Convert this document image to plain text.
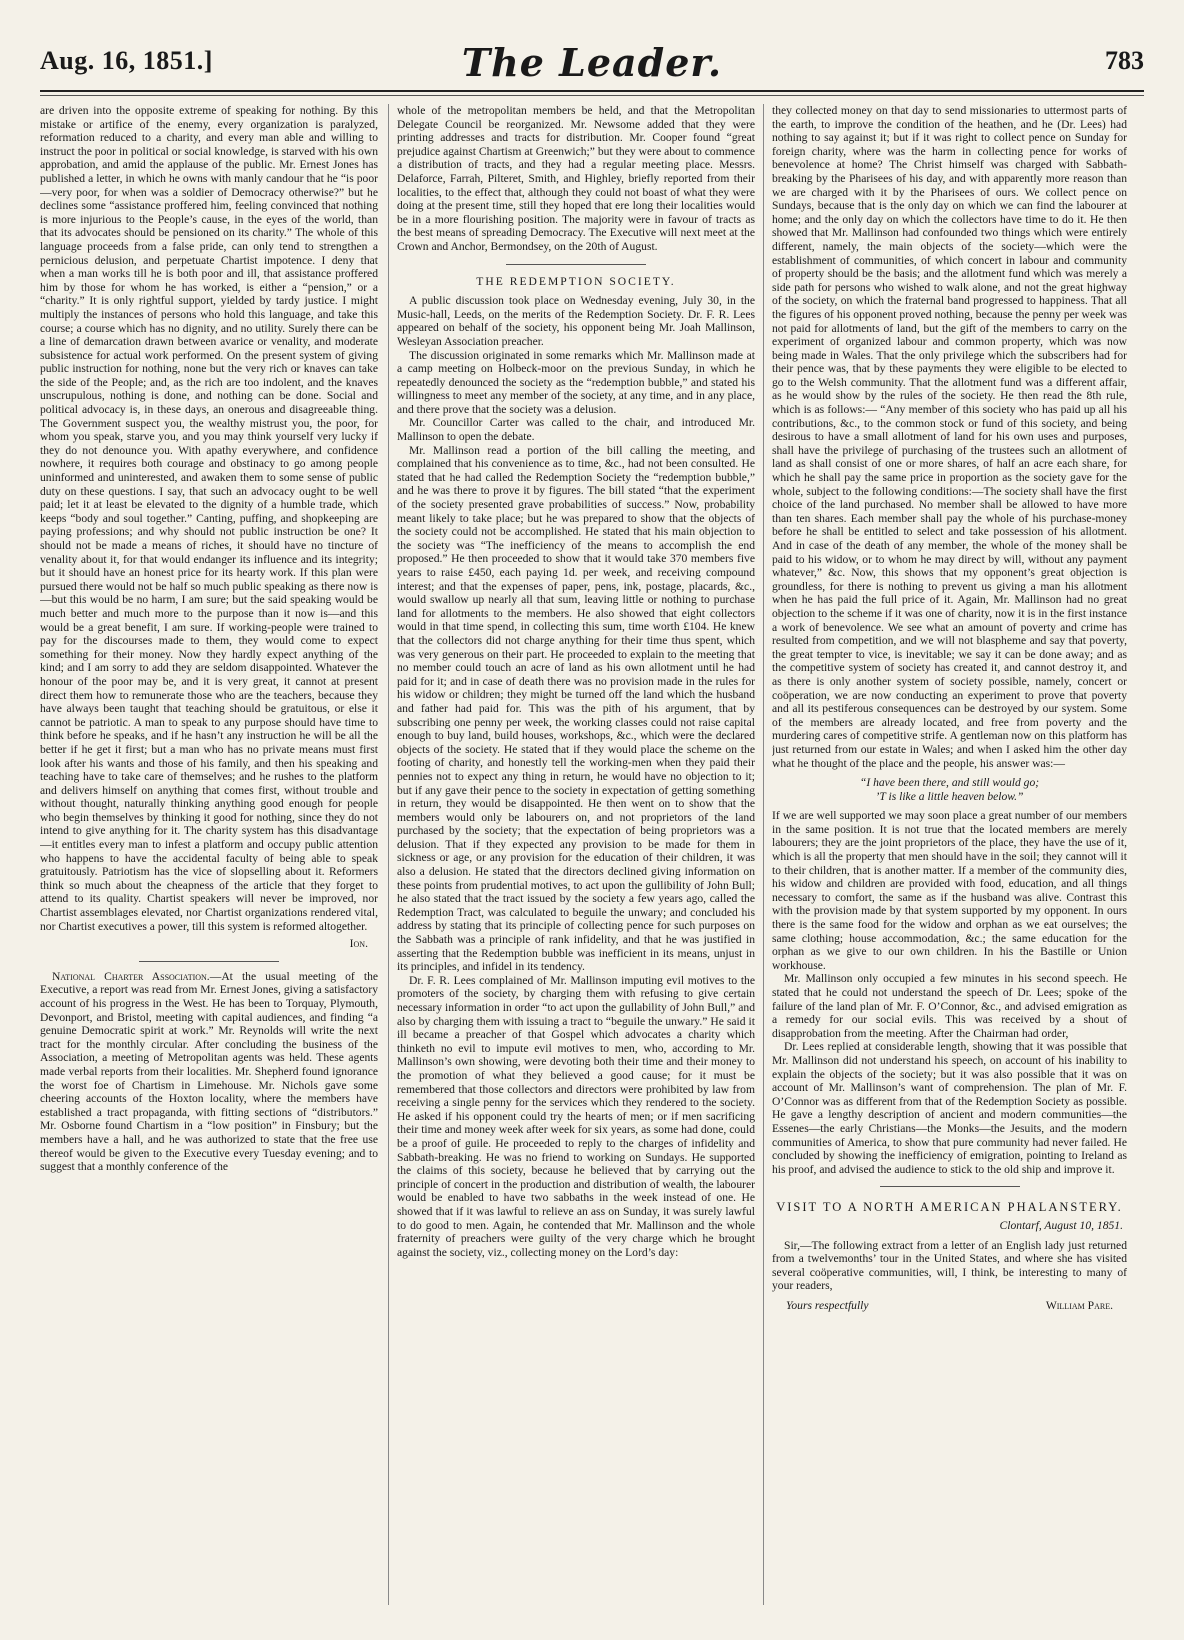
Aug. 16, 1851.]	The Leader.	783

are driven into the opposite extreme of speaking for nothing. By this mistake or artifice of the enemy, every organization is paralyzed, reformation reduced to a charity, and every man able and willing to instruct the poor in political or social knowledge, is starved with his own approbation, and amid the applause of the public. Mr. Ernest Jones has published a letter, in which he owns with manly candour that he “is poor—very poor, for when was a soldier of Democracy otherwise?” but he declines some “assistance proffered him, feeling convinced that nothing is more injurious to the People’s cause, in the eyes of the world, than that its advocates should be pensioned on its charity.” The whole of this language proceeds from a false pride, can only tend to strengthen a pernicious delusion, and perpetuate Chartist impotence. I deny that when a man works till he is both poor and ill, that assistance proffered him by those for whom he has worked, is either a “pension,” or a “charity.” It is only rightful support, yielded by tardy justice. I might multiply the instances of persons who hold this language, and take this course; a course which has no dignity, and no utility. Surely there can be a line of demarcation drawn between avarice or venality, and moderate subsistence for actual work performed. On the present system of giving public instruction for nothing, none but the very rich or knaves can take the side of the People; and, as the rich are too indolent, and the knaves unscrupulous, nothing is done, and nothing can be done. Social and political advocacy is, in these days, an onerous and disagreeable thing. The Government suspect you, the wealthy mistrust you, the poor, for whom you speak, starve you, and you may think yourself very lucky if they do not denounce you. With apathy everywhere, and confidence nowhere, it requires both courage and obstinacy to go among people uninformed and uninterested, and awaken them to some sense of public duty on these questions. I say, that such an advocacy ought to be well paid; let it at least be elevated to the dignity of a humble trade, which keeps “body and soul together.” Canting, puffing, and shopkeeping are paying professions; and why should not public instruction be one? It should not be made a means of riches, it should have no tincture of venality about it, for that would endanger its influence and its integrity; but it should have an honest price for its hearty work. If this plan were pursued there would not be half so much public speaking as there now is—but this would be no harm, I am sure; but the said speaking would be much better and much more to the purpose than it now is—and this would be a great benefit, I am sure. If working-people were trained to pay for the discourses made to them, they would come to expect something for their money. Now they hardly expect anything of the kind; and I am sorry to add they are seldom disappointed. Whatever the honour of the poor may be, and it is very great, it cannot at present direct them how to remunerate those who are the teachers, because they have always been taught that teaching should be gratuitous, or else it cannot be patriotic. A man to speak to any purpose should have time to think before he speaks, and if he hasn’t any instruction he will be all the better if he get it first; but a man who has no private means must first look after his wants and those of his family, and then his speaking and teaching have to take care of themselves; and he rushes to the platform and delivers himself on anything that comes first, without trouble and without thought, naturally thinking anything good enough for people who begin themselves by thinking it good for nothing, since they do not intend to give anything for it. The charity system has this disadvantage—it entitles every man to infest a platform and occupy public attention who happens to have the accidental faculty of being able to speak gratuitously. Patriotism has the vice of slopselling about it. Reformers think so much about the cheapness of the article that they forget to attend to its quality. Chartist speakers will never be improved, nor Chartist assemblages elevated, nor Chartist organizations rendered vital, nor Chartist executives a power, till this system is reformed altogether.

Ion.

National Charter Association.—At the usual meeting of the Executive, a report was read from Mr. Ernest Jones, giving a satisfactory account of his progress in the West. He has been to Torquay, Plymouth, Devonport, and Bristol, meeting with capital audiences, and finding “a genuine Democratic spirit at work.” Mr. Reynolds will write the next tract for the monthly circular. After concluding the business of the Association, a meeting of Metropolitan agents was held. These agents made verbal reports from their localities. Mr. Shepherd found ignorance the worst foe of Chartism in Limehouse. Mr. Nichols gave some cheering accounts of the Hoxton locality, where the members have established a tract propaganda, with fitting sections of “distributors.” Mr. Osborne found Chartism in a “low position” in Finsbury; but the members have a hall, and he was authorized to state that the free use thereof would be given to the Executive every Tuesday evening; and to suggest that a monthly conference of the

whole of the metropolitan members be held, and that the Metropolitan Delegate Council be reorganized. Mr. Newsome added that they were printing addresses and tracts for distribution. Mr. Cooper found “great prejudice against Chartism at Greenwich;” but they were about to commence a distribution of tracts, and they had a regular meeting place. Messrs. Delaforce, Farrah, Pilteret, Smith, and Highley, briefly reported from their localities, to the effect that, although they could not boast of what they were doing at the present time, still they hoped that ere long their localities would be in a more flourishing position. The majority were in favour of tracts as the best means of spreading Democracy. The Executive will next meet at the Crown and Anchor, Bermondsey, on the 20th of August.

THE REDEMPTION SOCIETY.

A public discussion took place on Wednesday evening, July 30, in the Music-hall, Leeds, on the merits of the Redemption Society. Dr. F. R. Lees appeared on behalf of the society, his opponent being Mr. Joah Mallinson, Wesleyan Association preacher.

The discussion originated in some remarks which Mr. Mallinson made at a camp meeting on Holbeck-moor on the previous Sunday, in which he repeatedly denounced the society as the “redemption bubble,” and stated his willingness to meet any member of the society, at any time, and in any place, and there prove that the society was a delusion.

Mr. Councillor Carter was called to the chair, and introduced Mr. Mallinson to open the debate.

Mr. Mallinson read a portion of the bill calling the meeting, and complained that his convenience as to time, &c., had not been consulted. He stated that he had called the Redemption Society the “redemption bubble,” and he was there to prove it by figures. The bill stated “that the experiment of the society presented grave probabilities of success.” Now, probability meant likely to take place; but he was prepared to show that the objects of the society could not be accomplished. He stated that his main objection to the society was “The inefficiency of the means to accomplish the end proposed.” He then proceeded to show that it would take 370 members five years to raise £450, each paying 1d. per week, and receiving compound interest; and that the expenses of paper, pens, ink, postage, placards, &c., would swallow up nearly all that sum, leaving little or nothing to purchase land for allotments to the members. He also showed that eight collectors would in that time spend, in collecting this sum, time worth £104. He knew that the collectors did not charge anything for their time thus spent, which was very generous on their part. He proceeded to explain to the meeting that no member could touch an acre of land as his own allotment until he had paid for it; and in case of death there was no provision made in the rules for his widow or children; they might be turned off the land which the husband and father had paid for. This was the pith of his argument, that by subscribing one penny per week, the working classes could not raise capital enough to buy land, build houses, workshops, &c., which were the declared objects of the society. He stated that if they would place the scheme on the footing of charity, and honestly tell the working-men when they paid their pennies not to expect any thing in return, he would have no objection to it; but if any gave their pence to the society in expectation of getting something in return, they would be disappointed. He then went on to show that the members would only be labourers on, and not proprietors of the land purchased by the society; that the expectation of being proprietors was a delusion. That if they expected any provision to be made for them in sickness or age, or any provision for the education of their children, it was also a delusion. He stated that the directors declined giving information on these points from prudential motives, to act upon the gullibility of John Bull; he also stated that the tract issued by the society a few years ago, called the Redemption Tract, was calculated to beguile the unwary; and concluded his address by stating that its principle of collecting pence for such purposes on the Sabbath was a principle of rank infidelity, and that he was justified in asserting that the Redemption bubble was inefficient in its means, unjust in its principles, and infidel in its tendency.

Dr. F. R. Lees complained of Mr. Mallinson imputing evil motives to the promoters of the society, by charging them with refusing to give certain necessary information in order “to act upon the gullability of John Bull,” and also by charging them with issuing a tract to “beguile the unwary.” He said it ill became a preacher of that Gospel which advocates a charity which thinketh no evil to impute evil motives to men, who, according to Mr. Mallinson’s own showing, were devoting both their time and their money to the promotion of what they believed a good cause; for it must be remembered that those collectors and directors were prohibited by law from receiving a single penny for the services which they rendered to the society. He asked if his opponent could try the hearts of men; or if men sacrificing their time and money week after week for six years, as some had done, could be a proof of guile. He proceeded to reply to the charges of infidelity and Sabbath-breaking. He was no friend to working on Sundays. He supported the claims of this society, because he believed that by carrying out the principle of concert in the production and distribution of wealth, the labourer would be enabled to have two sabbaths in the week instead of one. He showed that if it was lawful to relieve an ass on Sunday, it was surely lawful to do good to men. Again, he contended that Mr. Mallinson and the whole fraternity of preachers were guilty of the very charge which he brought against the society, viz., collecting money on the Lord’s day:

they collected money on that day to send missionaries to uttermost parts of the earth, to improve the condition of the heathen, and he (Dr. Lees) had nothing to say against it; but if it was right to collect pence on Sunday for foreign charity, where was the harm in collecting pence for works of benevolence at home? The Christ himself was charged with Sabbath-breaking by the Pharisees of his day, and with apparently more reason than we are charged with it by the Pharisees of ours. We collect pence on Sundays, because that is the only day on which we can find the labourer at home; and the only day on which the collectors have time to do it. He then showed that Mr. Mallinson had confounded two things which were entirely different, namely, the main objects of the society—which were the establishment of communities, of which concert in labour and community of property should be the basis; and the allotment fund which was merely a side path for persons who wished to walk alone, and not the great highway of the society, on which the fraternal band progressed to happiness. That all the figures of his opponent proved nothing, because the penny per week was not paid for allotments of land, but the gift of the members to carry on the experiment of organized labour and common property, which was now being made in Wales. That the only privilege which the subscribers had for their pence was, that by these payments they were eligible to be elected to go to the Welsh community. That the allotment fund was a different affair, as he would show by the rules of the society. He then read the 8th rule, which is as follows:— “Any member of this society who has paid up all his contributions, &c., to the common stock or fund of this society, and being desirous to have a small allotment of land for his own uses and purposes, shall have the privilege of purchasing of the trustees such an allotment of land as shall consist of one or more shares, of half an acre each share, for which he shall pay the same price in proportion as the society gave for the whole, subject to the following conditions:—The society shall have the first choice of the land purchased. No member shall be allowed to have more than ten shares. Each member shall pay the whole of his purchase-money before he shall be entitled to select and take possession of his allotment. And in case of the death of any member, the whole of the money shall be paid to his widow, or to whom he may direct by will, without any payment whatever,” &c. Now, this shows that my opponent’s great objection is groundless, for there is nothing to prevent us giving a man his allotment when he has paid the full price of it. Again, Mr. Mallinson had no great objection to the scheme if it was one of charity, now it is in the first instance a work of benevolence. We see what an amount of poverty and crime has resulted from competition, and we will not blaspheme and say that poverty, the great tempter to vice, is inevitable; we say it can be done away; and as the competitive system of society has created it, and cannot destroy it, and as there is only another system of society possible, namely, concert or coöperation, we are now conducting an experiment to prove that poverty and all its pestiferous consequences can be destroyed by our system. Some of the members are already located, and free from poverty and the murdering cares of competitive strife. A gentleman now on this platform has just returned from our estate in Wales; and when I asked him the other day what he thought of the place and the people, his answer was:—

“I have been there, and still would go;
’T is like a little heaven below.”

If we are well supported we may soon place a great number of our members in the same position. It is not true that the located members are merely labourers; they are the joint proprietors of the place, they have the use of it, which is all the property that men should have in the soil; they cannot will it to their children, that is another matter. If a member of the community dies, his widow and children are provided with food, education, and all things necessary to comfort, the same as if the husband was alive. Contrast this with the provision made by that system supported by my opponent. In ours there is the same food for the widow and orphan as we eat ourselves; the same clothing; house accommodation, &c.; the same education for the orphan as we give to our own children. In his the Bastille or Union workhouse.

Mr. Mallinson only occupied a few minutes in his second speech. He stated that he could not understand the speech of Dr. Lees; spoke of the failure of the land plan of Mr. F. O’Connor, &c., and advised emigration as a remedy for our social evils. This was received by a shout of disapprobation from the meeting. After the Chairman had order,

Dr. Lees replied at considerable length, showing that it was possible that Mr. Mallinson did not understand his speech, on account of his inability to explain the objects of the society; but it was also possible that it was on account of Mr. Mallinson’s want of comprehension. The plan of Mr. F. O’Connor was as different from that of the Redemption Society as possible. He gave a lengthy description of ancient and modern communities—the Essenes—the early Christians—the Monks—the Jesuits, and the modern communities of America, to show that pure community had never failed. He concluded by showing the inefficiency of emigration, pointing to Ireland as his proof, and advised the audience to stick to the old ship and improve it.

VISIT TO A NORTH AMERICAN PHALANSTERY.
Clontarf, August 10, 1851.

Sir,—The following extract from a letter of an English lady just returned from a twelvemonths’ tour in the United States, and where she has visited several coöperative communities, will, I think, be interesting to many of your readers,

Yours respectfully	William Pare.
